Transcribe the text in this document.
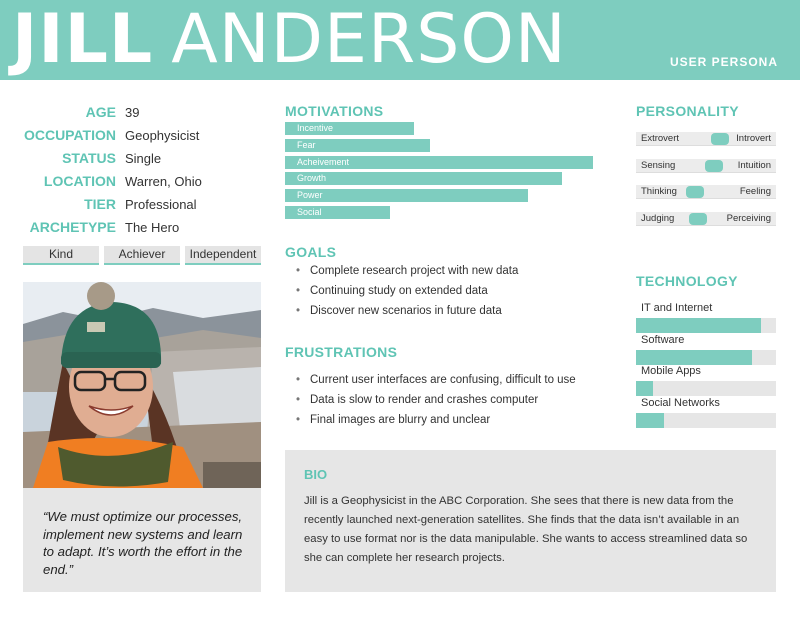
JILL ANDERSON	USER PERSONA
AGE 39
OCCUPATION Geophysicist
STATUS Single
LOCATION Warren, Ohio
TIER Professional
ARCHETYPE The Hero
Kind	Achiever	Independent
“We must optimize our processes, implement new systems and learn to adapt. It’s worth the effort in the end.”
MOTIVATIONS
Incentive
Fear
Acheivement
Growth
Power
Social
GOALS
• Complete research project with new data
• Continuing study on extended data
• Discover new scenarios in future data
FRUSTRATIONS
• Current user interfaces are confusing, difficult to use
• Data is slow to render and crashes computer
• Final images are blurry and unclear
BIO
Jill is a Geophysicist in the ABC Corporation. She sees that there is new data from the recently launched next-generation satellites. She finds that the data isn’t available in an easy to use format nor is the data manipulable. She wants to access streamlined data so she can complete her research projects.
PERSONALITY
Extrovert	Introvert
Sensing	Intuition
Thinking	Feeling
Judging	Perceiving
TECHNOLOGY
IT and Internet
Software
Mobile Apps
Social Networks
